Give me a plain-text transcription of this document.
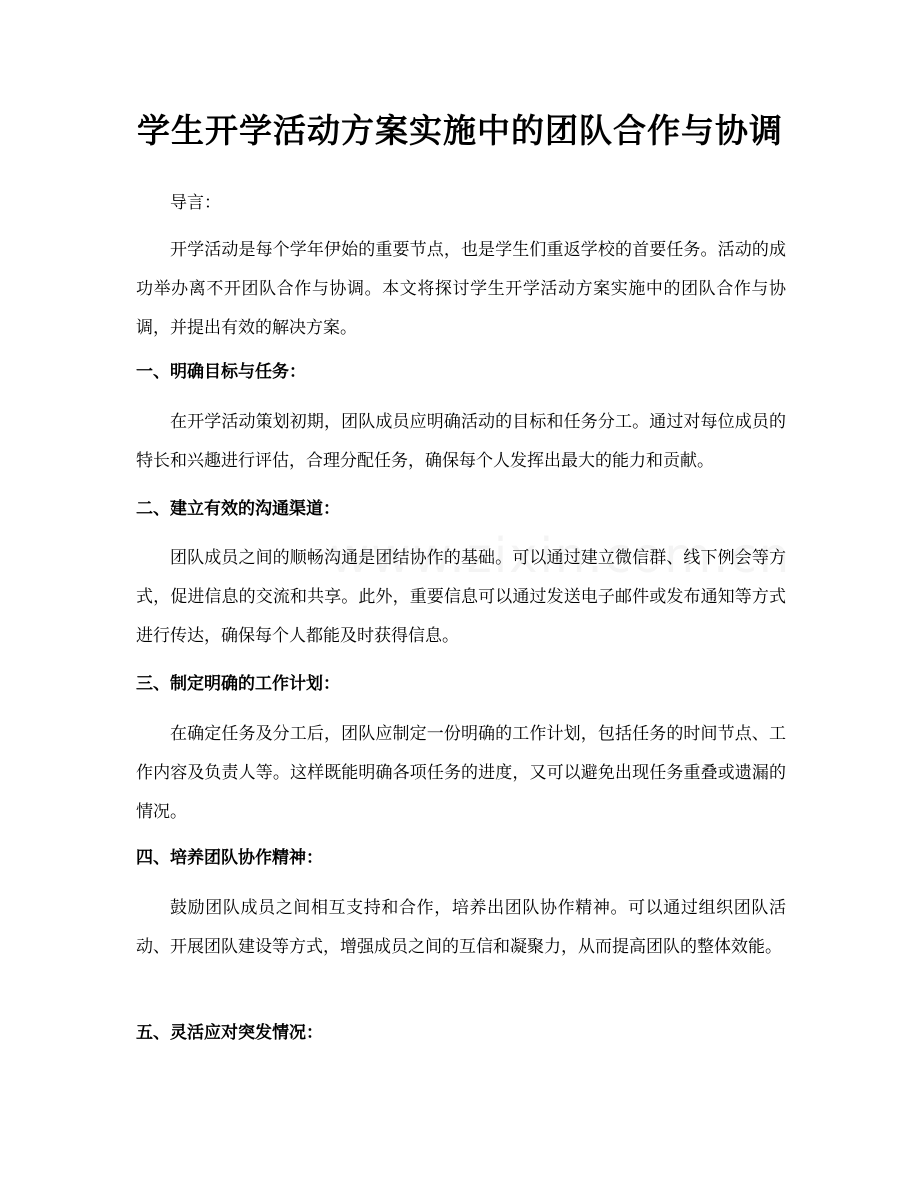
学生开学活动方案实施中的团队合作与协调

导言：

开学活动是每个学年伊始的重要节点，也是学生们重返学校的首要任务。活动的成功举办离不开团队合作与协调。本文将探讨学生开学活动方案实施中的团队合作与协调，并提出有效的解决方案。

一、明确目标与任务：

在开学活动策划初期，团队成员应明确活动的目标和任务分工。通过对每位成员的特长和兴趣进行评估，合理分配任务，确保每个人发挥出最大的能力和贡献。

二、建立有效的沟通渠道：

团队成员之间的顺畅沟通是团结协作的基础。可以通过建立微信群、线下例会等方式，促进信息的交流和共享。此外，重要信息可以通过发送电子邮件或发布通知等方式进行传达，确保每个人都能及时获得信息。

三、制定明确的工作计划：

在确定任务及分工后，团队应制定一份明确的工作计划，包括任务的时间节点、工作内容及负责人等。这样既能明确各项任务的进度，又可以避免出现任务重叠或遗漏的情况。

四、培养团队协作精神：

鼓励团队成员之间相互支持和合作，培养出团队协作精神。可以通过组织团队活动、开展团队建设等方式，增强成员之间的互信和凝聚力，从而提高团队的整体效能。

五、灵活应对突发情况：
